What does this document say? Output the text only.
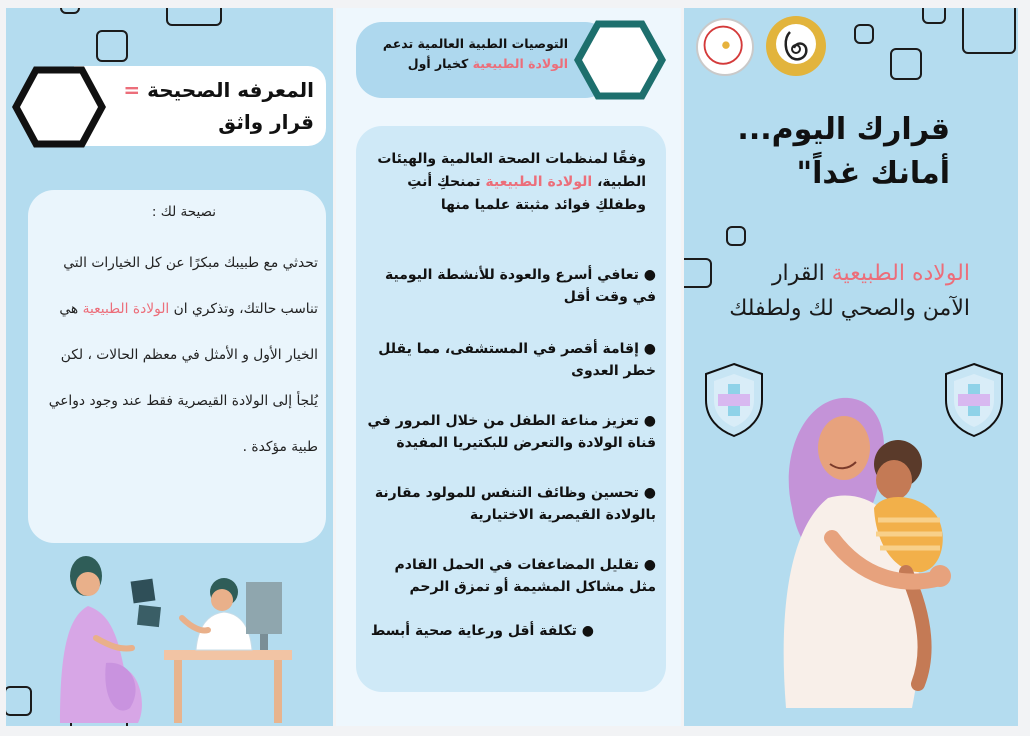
المعرفه الصحيحة =
قرار واثق
نصيحة لك :
تحدثي مع طبيبك مبكرًا عن كل الخيارات التي تناسب حالتك، وتذكري ان الولادة الطبيعية هي الخيار الأول و الأمثل في معظم الحالات ، لكن يُلجأ إلى الولادة القيصرية فقط عند وجود دواعي طبية مؤكدة .
التوصيات الطبية العالمية تدعم
الولادة الطبيعية كخيار أول
وفقًا لمنظمات الصحة العالمية والهيئات الطبية، الولادة الطبيعية تمنحكِ أنتِ وطفلكِ فوائد مثبتة علميا منها
● تعافي أسرع والعودة للأنشطة اليومية في وقت أقل
● إقامة أقصر في المستشفى، مما يقلل خطر العدوى
● تعزيز مناعة الطفل من خلال المرور في قناة الولادة والتعرض للبكتيريا المفيدة
● تحسين وظائف التنفس للمولود مقارنة بالولادة القيصرية الاختيارية
● تقليل المضاعفات في الحمل القادم مثل مشاكل المشيمة أو تمزق الرحم
● تكلفة أقل ورعاية صحية أبسط
قرارك اليوم...
أمانك غداً"
الولاده الطبيعية القرار الآمن والصحي لك ولطفلك
